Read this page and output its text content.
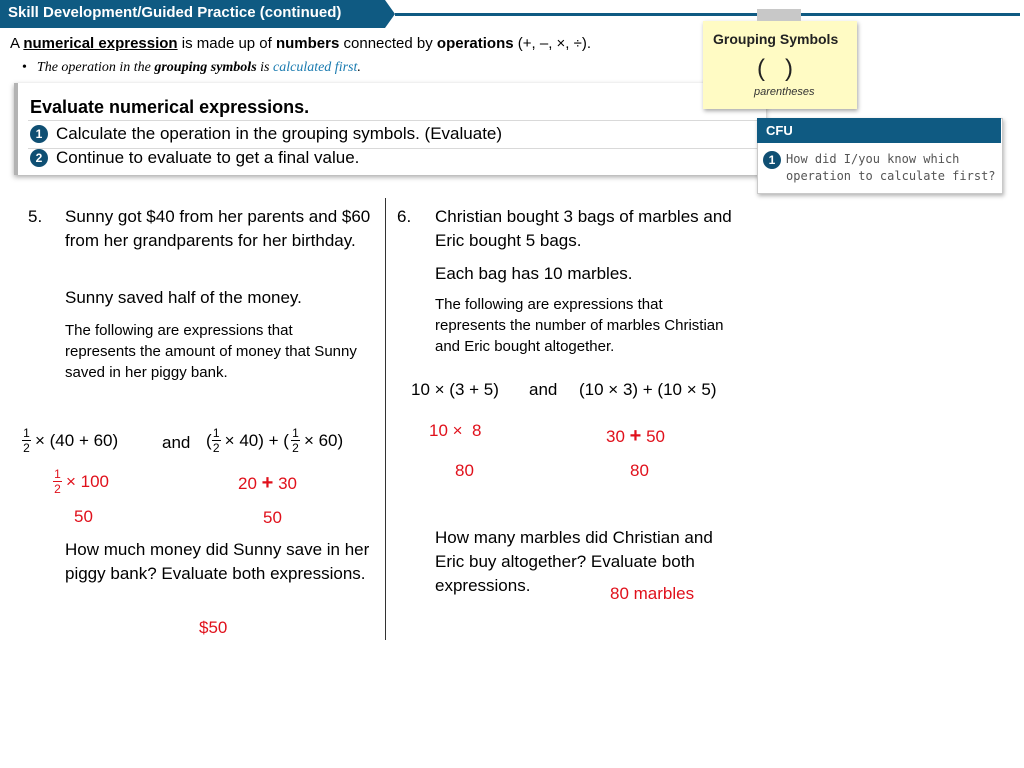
Skill Development/Guided Practice (continued)
A numerical expression is made up of numbers connected by operations (+, –, ×, ÷).
• The operation in the grouping symbols is calculated first.
Evaluate numerical expressions.
1 Calculate the operation in the grouping symbols. (Evaluate)
2 Continue to evaluate to get a final value.
Grouping Symbols
(   )
parentheses
CFU
1 How did I/you know which operation to calculate first?
5. Sunny got $40 from her parents and $60 from her grandparents for her birthday.
Sunny saved half of the money.
The following are expressions that represents the amount of money that Sunny saved in her piggy bank.
$\frac{1}{2} \times (40 + 60)$	and ( $\frac{1}{2} \times 40$) + ( $\frac{1}{2} \times 60$)
$\frac{1}{2} \times 100$
50
20 + 30
50
How much money did Sunny save in her piggy bank? Evaluate both expressions.
$50
6. Christian bought 3 bags of marbles and Eric bought 5 bags.
Each bag has 10 marbles.
The following are expressions that represents the number of marbles Christian and Eric bought altogether.
10 × (3 + 5) and (10 × 3) + (10 × 5)
10 ×  8
80
30 + 50
80
How many marbles did Christian and Eric buy altogether? Evaluate both expressions.	80 marbles
